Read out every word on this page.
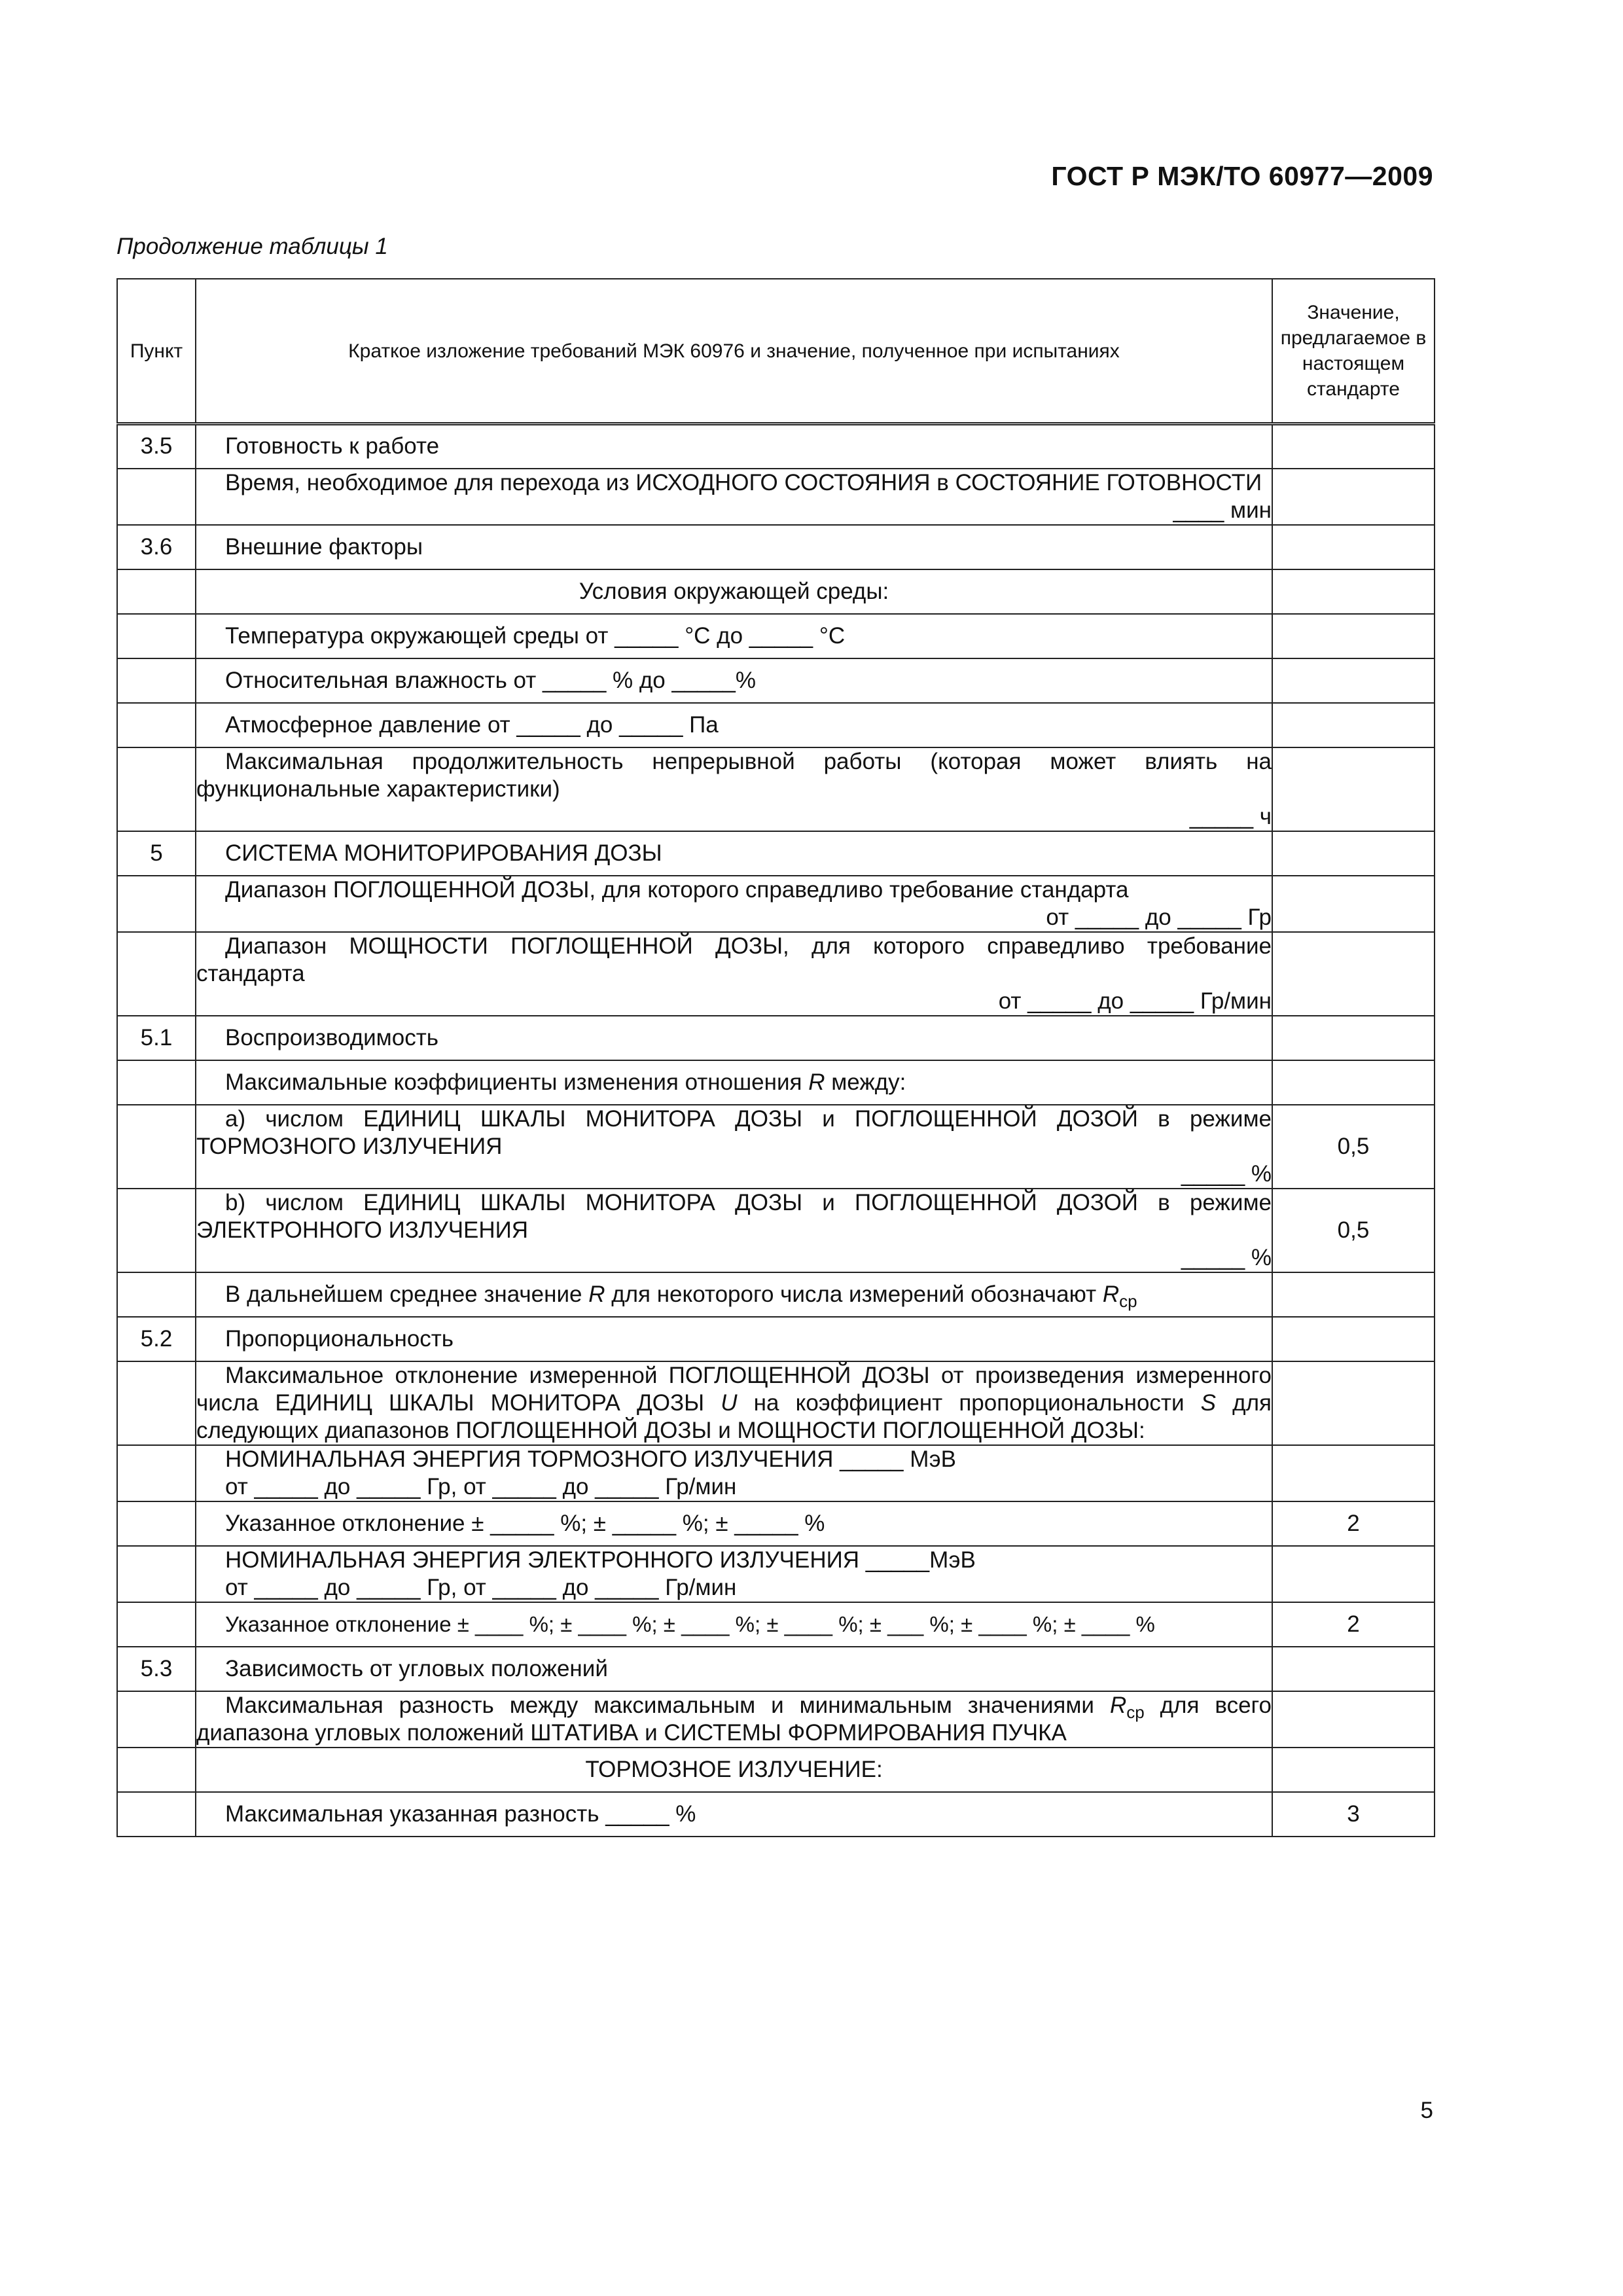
ГОСТ Р МЭК/ТО 60977—2009
Продолжение таблицы 1
Пункт	Краткое изложение требований МЭК 60976 и значение, полученное при испытаниях	Значение, предлагаемое в настоящем стандарте
3.5	Готовность к работе	

	Время, необходимое для перехода из ИСХОДНОГО СОСТОЯНИЯ в СОСТОЯНИЕ ГОТОВНОСТИ
____ мин	

3.6	Внешние факторы	
	Условия окружающей среды:	
	Температура окружающей среды от _____ °С до _____ °С	
	Относительная влажность от _____ % до _____%	
	Атмосферное давление от _____ до _____ Па	

	Максимальная продолжительность непрерывной работы (которая может влиять на функциональные характеристики)
_____ ч	

5	СИСТЕМА МОНИТОРИРОВАНИЯ ДОЗЫ	

	Диапазон ПОГЛОЩЕННОЙ ДОЗЫ, для которого справедливо требование стандарта
от _____ до _____ Гр	

	Диапазон МОЩНОСТИ ПОГЛОЩЕННОЙ ДОЗЫ, для которого справедливо требование стандарта
от _____ до _____ Гр/мин	

5.1	Воспроизводимость	
	Максимальные коэффициенты изменения отношения R между:	

	a) числом ЕДИНИЦ ШКАЛЫ МОНИТОРА ДОЗЫ и ПОГЛОЩЕННОЙ ДОЗОЙ в режиме ТОРМОЗНОГО ИЗЛУЧЕНИЯ
_____ %	0,5

	b) числом ЕДИНИЦ ШКАЛЫ МОНИТОРА ДОЗЫ и ПОГЛОЩЕННОЙ ДОЗОЙ в режиме ЭЛЕКТРОННОГО ИЗЛУЧЕНИЯ
_____ %	0,5
	В дальнейшем среднее значение R для некоторого числа измерений обозначают $R_{ср}$	
5.2	Пропорциональность	

	Максимальное отклонение измеренной ПОГЛОЩЕННОЙ ДОЗЫ от произведения измеренного числа ЕДИНИЦ ШКАЛЫ МОНИТОРА ДОЗЫ U на коэффициент пропорциональности S для следующих диапазонов ПОГЛОЩЕННОЙ ДОЗЫ и МОЩНОСТИ ПОГЛОЩЕННОЙ ДОЗЫ:	

	НОМИНАЛЬНАЯ ЭНЕРГИЯ ТОРМОЗНОГО ИЗЛУЧЕНИЯ _____ МэВ
от _____ до _____ Гр, от _____ до _____ Гр/мин	

	Указанное отклонение ± _____ %; ± _____ %; ± _____ %	2

	НОМИНАЛЬНАЯ ЭНЕРГИЯ ЭЛЕКТРОННОГО ИЗЛУЧЕНИЯ _____МэВ
от _____ до _____ Гр, от _____ до _____ Гр/мин	

	Указанное отклонение ± ____ %; ± ____ %; ± ____ %; ± ____ %; ± ___ %; ± ____ %; ± ____ %	2
5.3	Зависимость от угловых положений	

	Максимальная разность между максимальным и минимальным значениями $R_{ср}$ для всего диапазона угловых положений ШТАТИВА и СИСТЕМЫ ФОРМИРОВАНИЯ ПУЧКА	

	ТОРМОЗНОЕ ИЗЛУЧЕНИЕ:	
	Максимальная указанная разность _____ %	3
5
